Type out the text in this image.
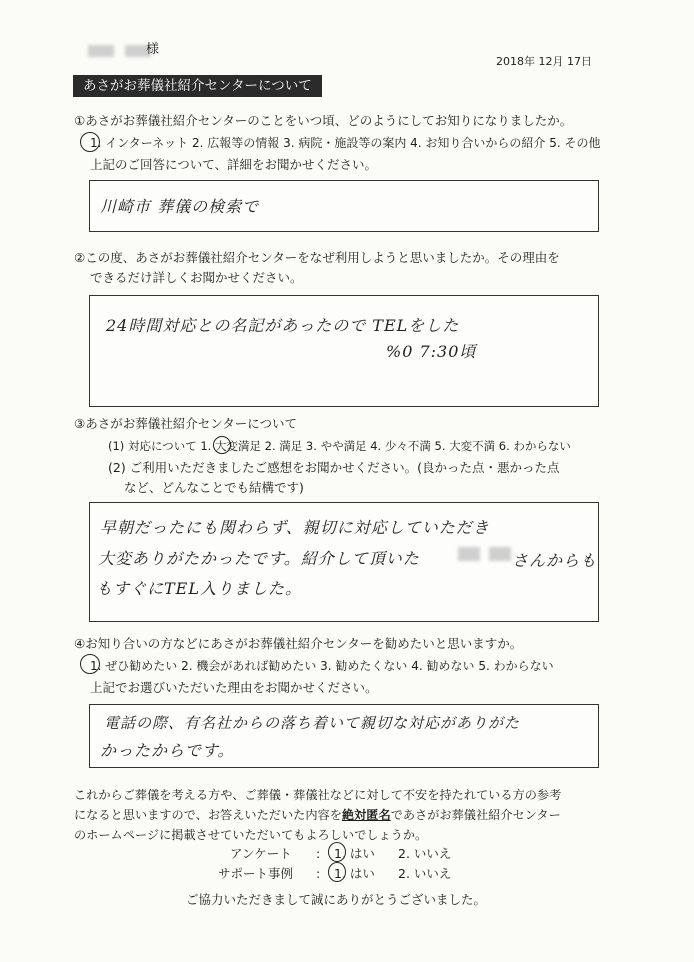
様
2018年 12月 17日
あさがお葬儀社紹介センターについて
①あさがお葬儀社紹介センターのことをいつ頃、どのようにしてお知りになりましたか。
1. インターネット 2. 広報等の情報 3. 病院・施設等の案内 4. お知り合いからの紹介 5. その他
上記のご回答について、詳細をお聞かせください。
川崎市 葬儀の検索で
②この度、あさがお葬儀社紹介センターをなぜ利用しようと思いましたか。その理由を
できるだけ詳しくお聞かせください。
24時間対応との名記があったので TELをした
%0 7:30頃
③あさがお葬儀社紹介センターについて
(1) 対応について 1. 大変満足 2. 満足 3. やや満足 4. 少々不満 5. 大変不満 6. わからない
(2) ご利用いただきましたご感想をお聞かせください。(良かった点・悪かった点
など、どんなことでも結構です)
早朝だったにも関わらず、親切に対応していただき
大変ありがたかったです。紹介して頂いた
	さんからも
もすぐにTEL入りました。
④お知り合いの方などにあさがお葬儀社紹介センターを勧めたいと思いますか。
1. ぜひ勧めたい 2. 機会があれば勧めたい 3. 勧めたくない 4. 勧めない 5. わからない
上記でお選びいただいた理由をお聞かせください。
電話の際、有名社からの落ち着いて親切な対応がありがた
かったからです。
これからご葬儀を考える方や、ご葬儀・葬儀社などに対して不安を持たれている方の参考
になると思いますので、お答えいただいた内容を絶対匿名であさがお葬儀社紹介センター
のホームページに掲載させていただいてもよろしいでしょうか。
アンケート : 1. はい 2. いいえ
サポート事例 : 1. はい 2. いいえ
ご協力いただきまして誠にありがとうございました。
